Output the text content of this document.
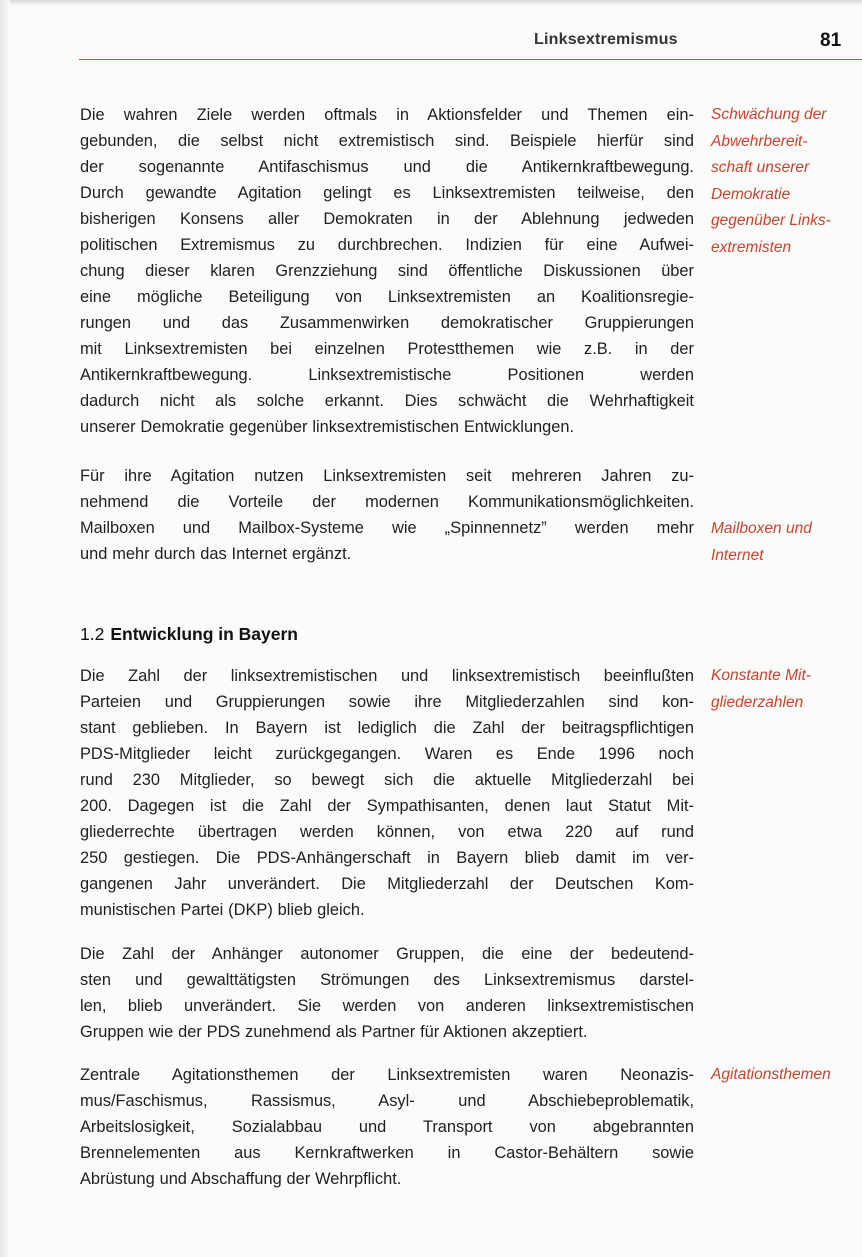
Linksextremismus	81

Die wahren Ziele werden oftmals in Aktionsfelder und Themen ein-
gebunden, die selbst nicht extremistisch sind. Beispiele hierfür sind
der sogenannte Antifaschismus und die Antikernkraftbewegung.
Durch gewandte Agitation gelingt es Linksextremisten teilweise, den
bisherigen Konsens aller Demokraten in der Ablehnung jedweden
politischen Extremismus zu durchbrechen. Indizien für eine Aufwei-
chung dieser klaren Grenzziehung sind öffentliche Diskussionen über
eine mögliche Beteiligung von Linksextremisten an Koalitionsregie-
rungen und das Zusammenwirken demokratischer Gruppierungen
mit Linksextremisten bei einzelnen Protestthemen wie z.B. in der
Antikernkraftbewegung. Linksextremistische Positionen werden
dadurch nicht als solche erkannt. Dies schwächt die Wehrhaftigkeit
unserer Demokratie gegenüber linksextremistischen Entwicklungen.

Schwächung der
Abwehrbereit-
schaft unserer
Demokratie
gegenüber Links-
extremisten

Für ihre Agitation nutzen Linksextremisten seit mehreren Jahren zu-
nehmend die Vorteile der modernen Kommunikationsmöglichkeiten.
Mailboxen und Mailbox-Systeme wie „Spinnennetz” werden mehr
und mehr durch das Internet ergänzt.

Mailboxen und
Internet
1.2 Entwicklung in Bayern

Die Zahl der linksextremistischen und linksextremistisch beeinflußten
Parteien und Gruppierungen sowie ihre Mitgliederzahlen sind kon-
stant geblieben. In Bayern ist lediglich die Zahl der beitragspflichtigen
PDS-Mitglieder leicht zurückgegangen. Waren es Ende 1996 noch
rund 230 Mitglieder, so bewegt sich die aktuelle Mitgliederzahl bei
200. Dagegen ist die Zahl der Sympathisanten, denen laut Statut Mit-
gliederrechte übertragen werden können, von etwa 220 auf rund
250 gestiegen. Die PDS-Anhängerschaft in Bayern blieb damit im ver-
gangenen Jahr unverändert. Die Mitgliederzahl der Deutschen Kom-
munistischen Partei (DKP) blieb gleich.

Konstante Mit-
gliederzahlen

Die Zahl der Anhänger autonomer Gruppen, die eine der bedeutend-
sten und gewalttätigsten Strömungen des Linksextremismus darstel-
len, blieb unverändert. Sie werden von anderen linksextremistischen
Gruppen wie der PDS zunehmend als Partner für Aktionen akzeptiert.

Zentrale Agitationsthemen der Linksextremisten waren Neonazis-
mus/Faschismus, Rassismus, Asyl- und Abschiebeproblematik,
Arbeitslosigkeit, Sozialabbau und Transport von abgebrannten
Brennelementen aus Kernkraftwerken in Castor-Behältern sowie
Abrüstung und Abschaffung der Wehrpflicht.

Agitationsthemen
